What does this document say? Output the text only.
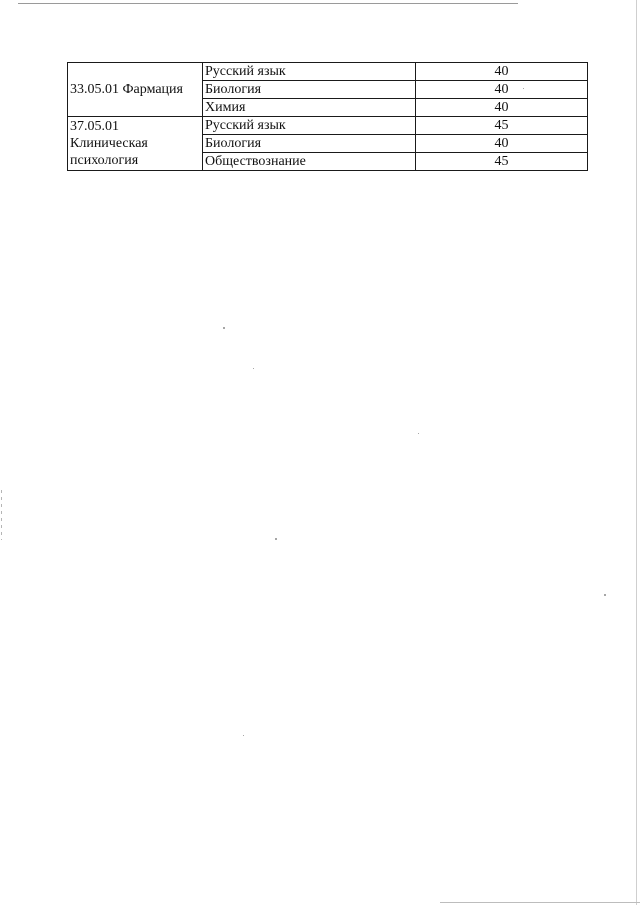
33.05.01 Фармация	Русский язык	40
	Биология	40
	Химия	40

37.05.01
Клиническая
психология	Русский язык	45
	Биология	40
	Обществознание	45
